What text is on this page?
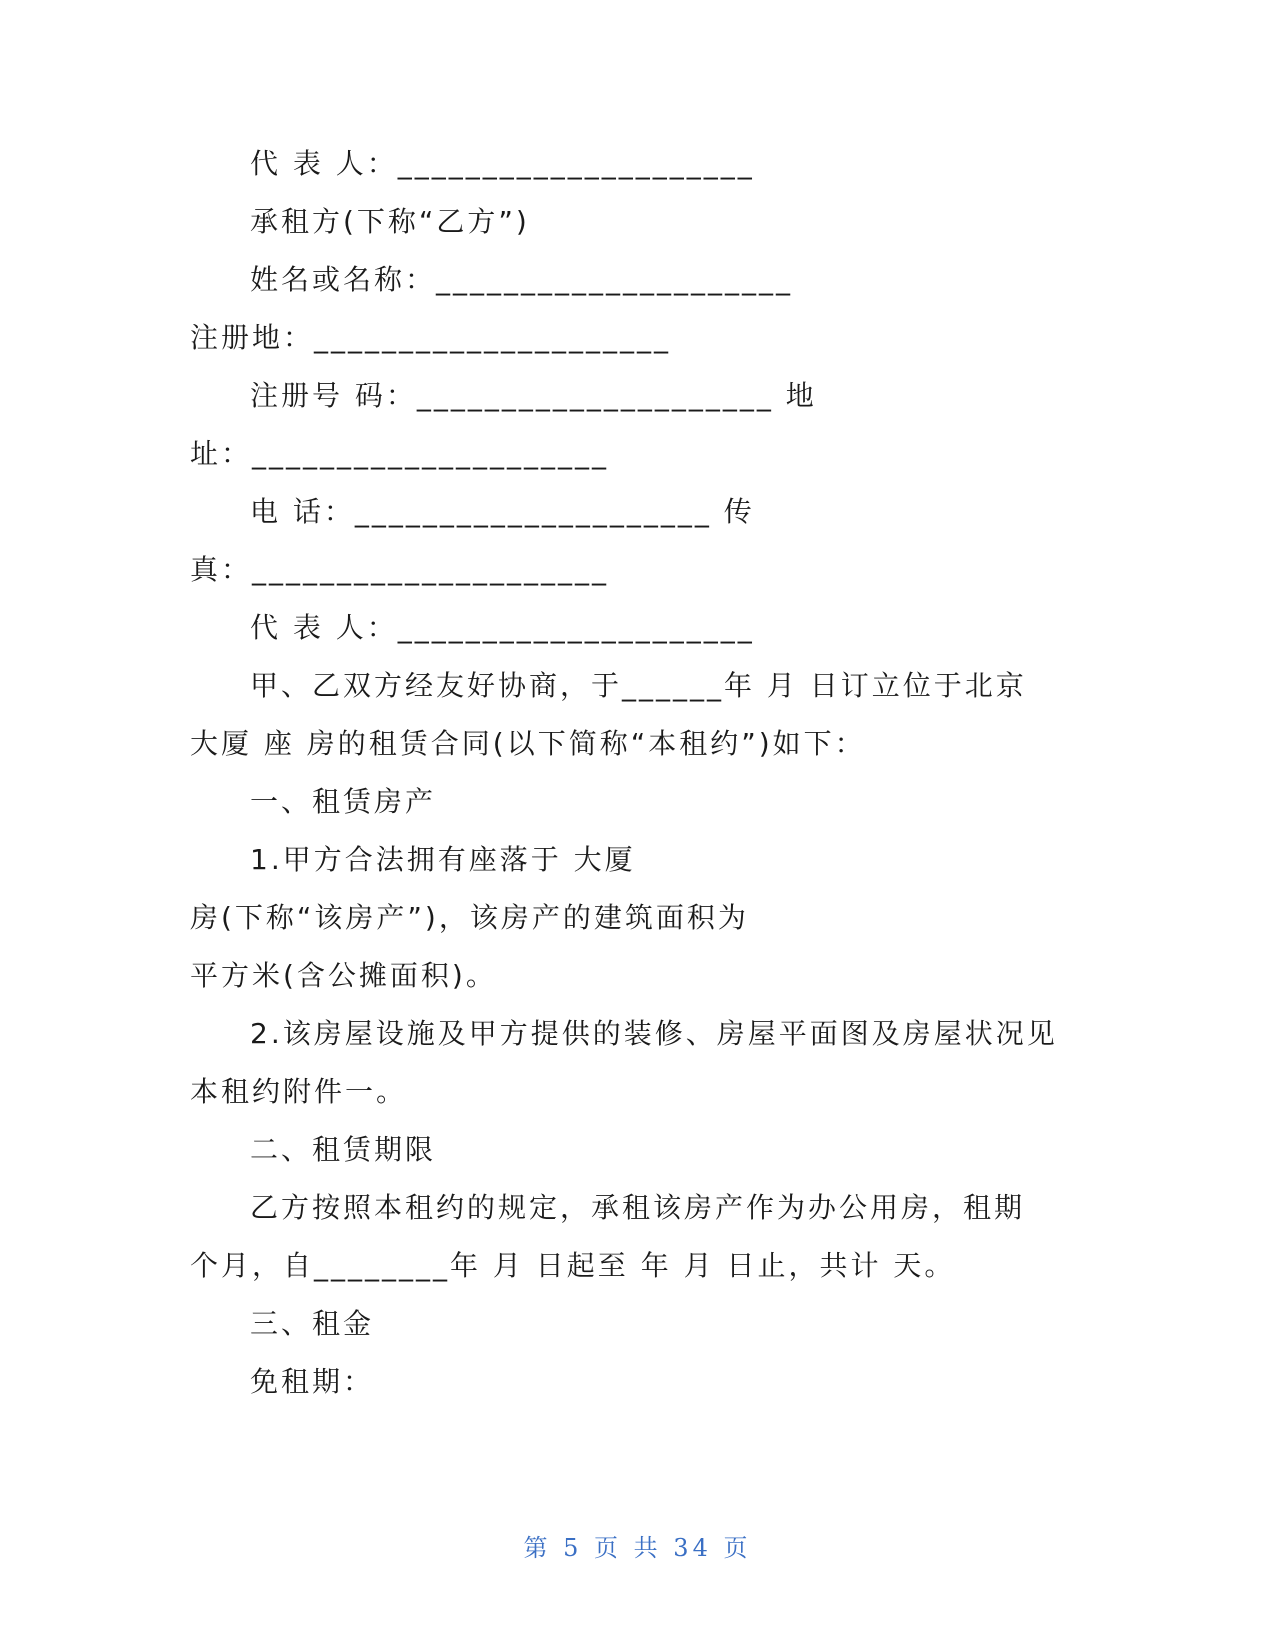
代 表 人：_____________________
承租方(下称“乙方”)
姓名或名称：_____________________
注册地：_____________________
注册号 码：_____________________ 地
址：_____________________
电 话：_____________________ 传
真：_____________________
代 表 人：_____________________
甲、乙双方经友好协商，于______年 月 日订立位于北京
大厦 座 房的租赁合同(以下简称“本租约”)如下：
一、租赁房产
1.甲方合法拥有座落于 大厦
房(下称“该房产”)，该房产的建筑面积为
平方米(含公摊面积)。
2.该房屋设施及甲方提供的装修、房屋平面图及房屋状况见
本租约附件一。
二、租赁期限
乙方按照本租约的规定，承租该房产作为办公用房，租期
个月，自________年 月 日起至 年 月 日止，共计 天。
三、租金
免租期：
第 5 页 共 34 页
